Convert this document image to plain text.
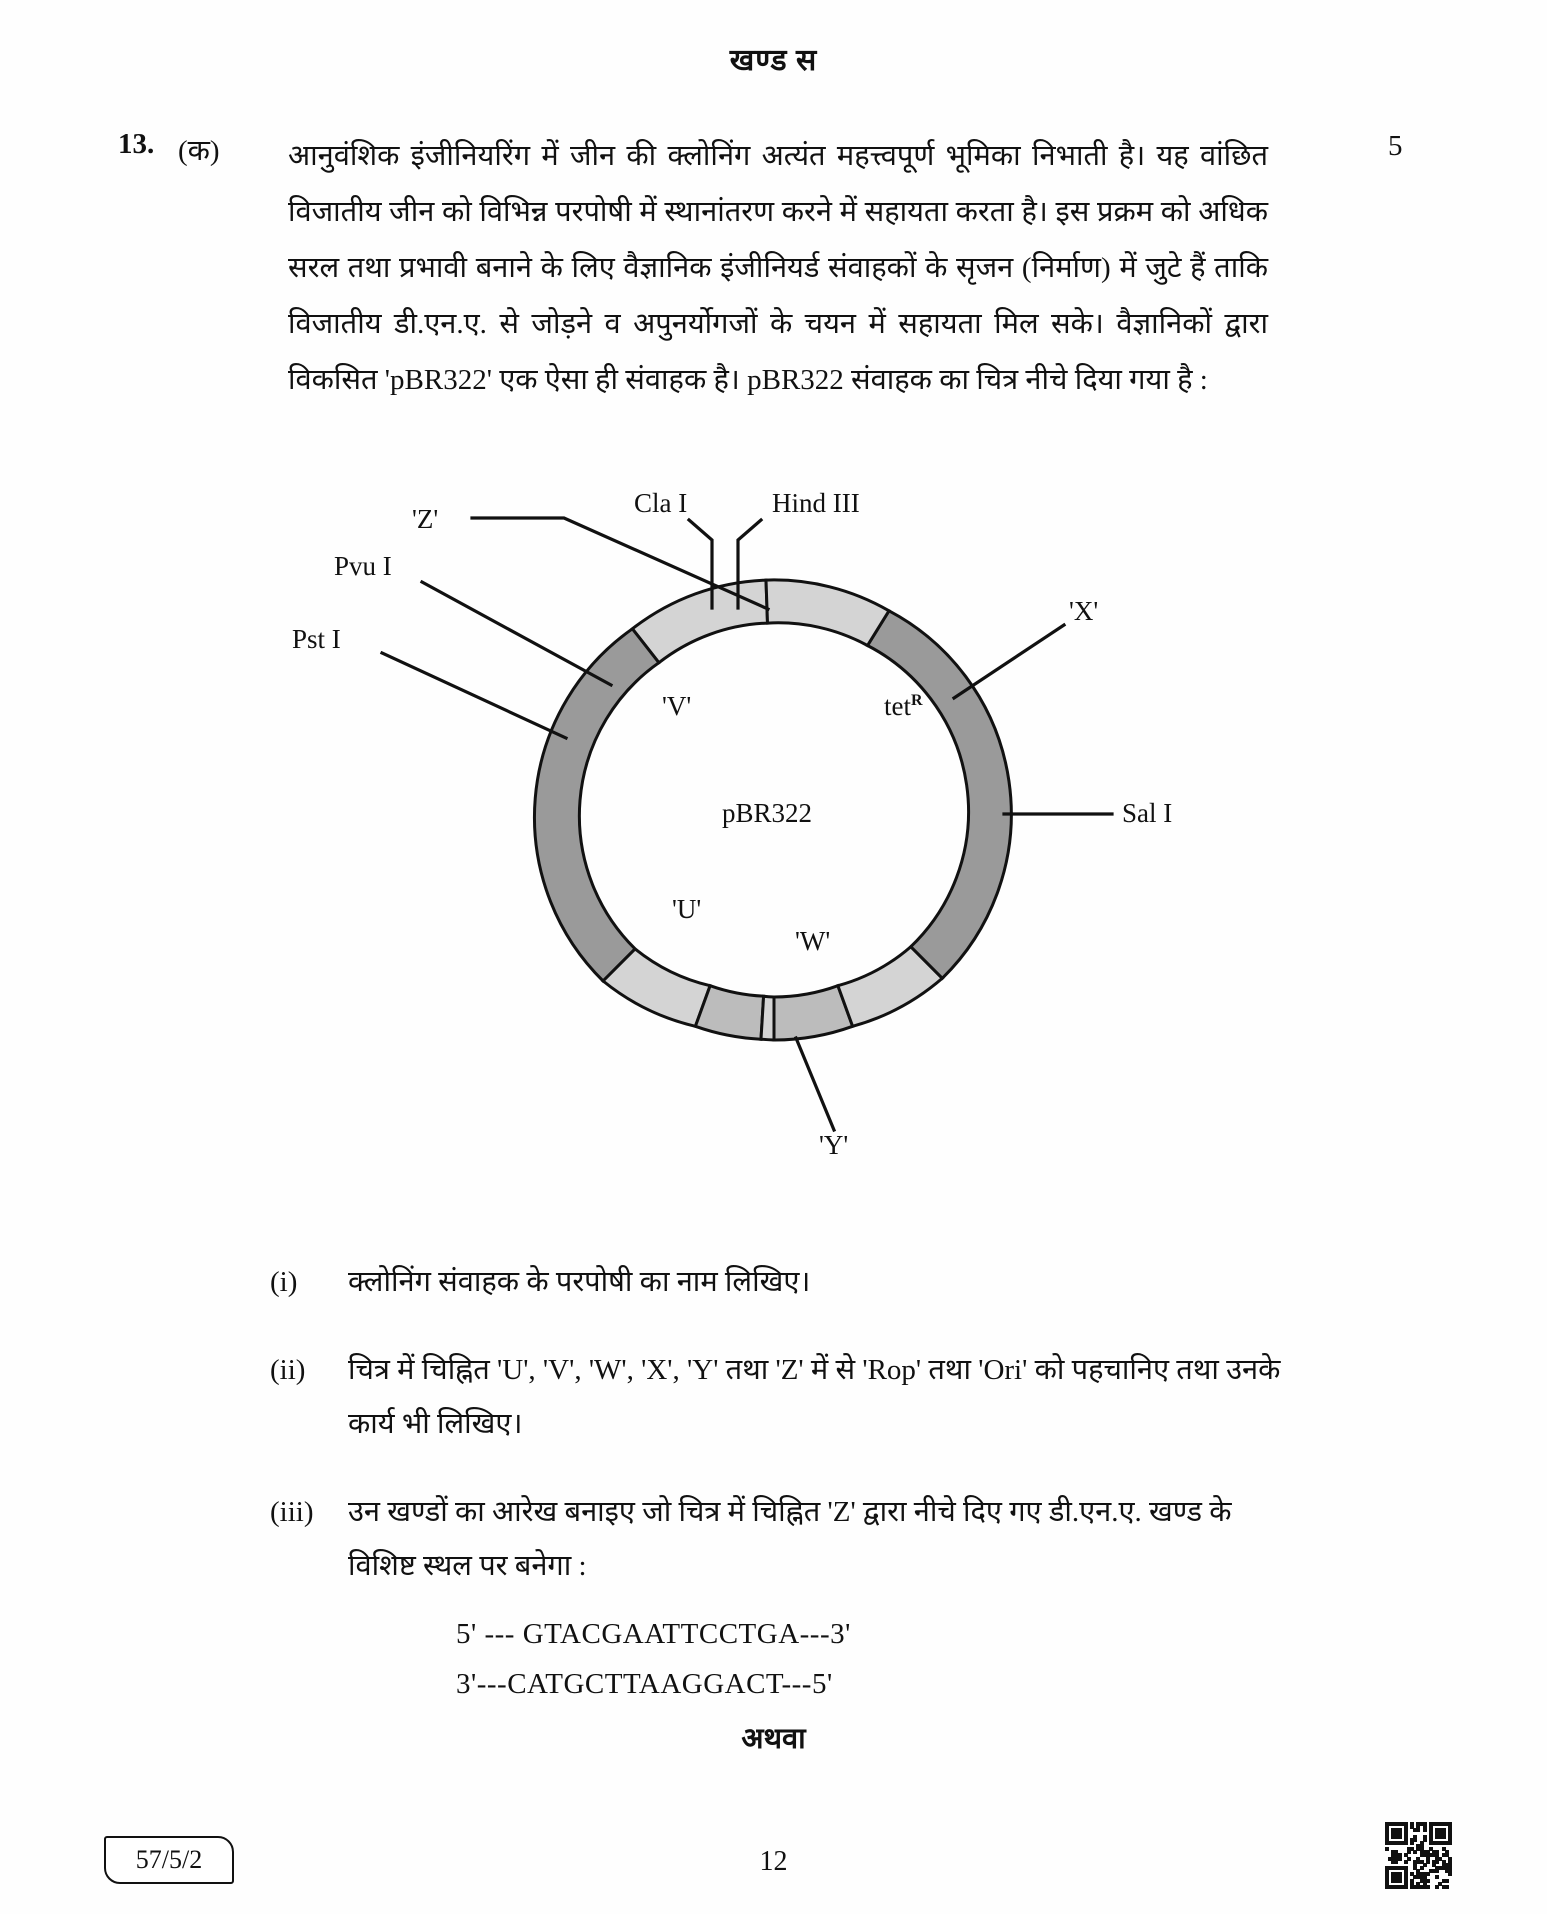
खण्ड स
13. (क)	5

आनुवंशिक इंजीनियरिंग में जीन की क्लोनिंग अत्यंत महत्त्वपूर्ण भूमिका निभाती है। यह वांछित विजातीय जीन को विभिन्न परपोषी में स्थानांतरण करने में सहायता करता है। इस प्रक्रम को अधिक सरल तथा प्रभावी बनाने के लिए वैज्ञानिक इंजीनियर्ड संवाहकों के सृजन (निर्माण) में जुटे हैं ताकि विजातीय डी.एन.ए. से जोड़ने व अपुनर्योगजों के चयन में सहायता मिल सके। वैज्ञानिकों द्वारा विकसित 'pBR322' एक ऐसा ही संवाहक है। pBR322 संवाहक का चित्र नीचे दिया गया है :

'Z'
Cla I	Hind III
Pvu I
Pst I
Sal I
'X'
tet$^R$
'V'
'U'
'W'
'Y'
pBR322
(i)	क्लोनिंग संवाहक के परपोषी का नाम लिखिए।

(ii)	चित्र में चिह्नित 'U', 'V', 'W', 'X', 'Y' तथा 'Z' में से 'Rop' तथा 'Ori' को पहचानिए तथा उनके कार्य भी लिखिए।

(iii)	उन खण्डों का आरेख बनाइए जो चित्र में चिह्नित 'Z' द्वारा नीचे दिए गए डी.एन.ए. खण्ड के विशिष्ट स्थल पर बनेगा :

5' --- GTACGAATTCCTGA---3'
3'---CATGCTTAAGGACT---5'
अथवा
57/5/2	12
